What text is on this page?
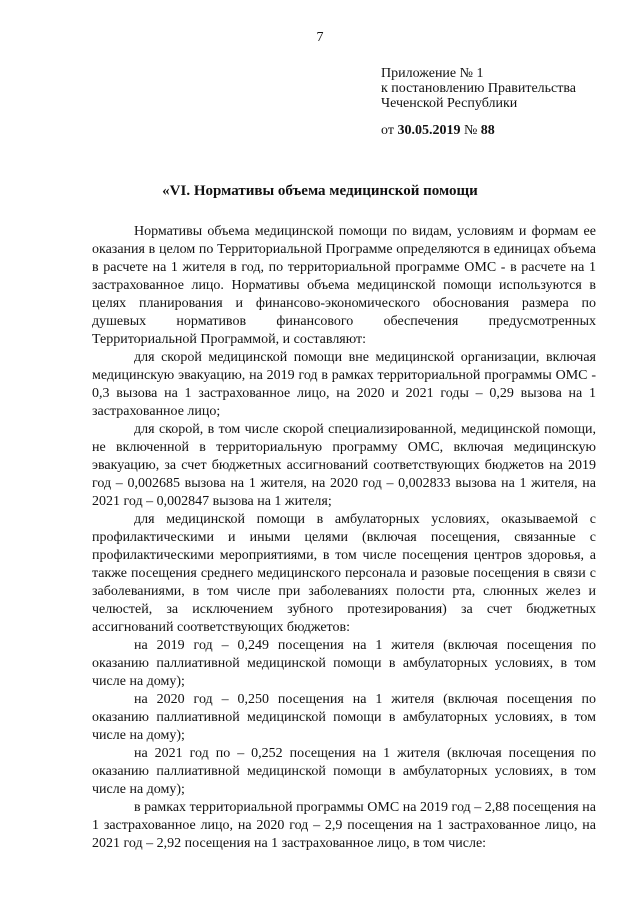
7
Приложение № 1
к постановлению Правительства
Чеченской Республики
от 30.05.2019 № 88
«VI. Нормативы объема медицинской помощи

Нормативы объема медицинской помощи по видам, условиям и формам ее оказания в целом по Территориальной Программе определяются в единицах объема в расчете на 1 жителя в год, по территориальной программе ОМС - в расчете на 1 застрахованное лицо. Нормативы объема медицинской помощи используются в целях планирования и финансово-экономического обоснования размера по душевых нормативов финансового обеспечения предусмотренных Территориальной Программой, и составляют:

для скорой медицинской помощи вне медицинской организации, включая медицинскую эвакуацию, на 2019 год в рамках территориальной программы ОМС - 0,3 вызова на 1 застрахованное лицо, на 2020 и 2021 годы – 0,29 вызова на 1 застрахованное лицо;

для скорой, в том числе скорой специализированной, медицинской помощи, не включенной в территориальную программу ОМС, включая медицинскую эвакуацию, за счет бюджетных ассигнований соответствующих бюджетов на 2019 год – 0,002685 вызова на 1 жителя, на 2020 год – 0,002833 вызова на 1 жителя, на 2021 год – 0,002847 вызова на 1 жителя;

для медицинской помощи в амбулаторных условиях, оказываемой с профилактическими и иными целями (включая посещения, связанные с профилактическими мероприятиями, в том числе посещения центров здоровья, а также посещения среднего медицинского персонала и разовые посещения в связи с заболеваниями, в том числе при заболеваниях полости рта, слюнных желез и челюстей, за исключением зубного протезирования) за счет бюджетных ассигнований соответствующих бюджетов:

на 2019 год – 0,249 посещения на 1 жителя (включая посещения по оказанию паллиативной медицинской помощи в амбулаторных условиях, в том числе на дому);

на 2020 год – 0,250 посещения на 1 жителя (включая посещения по оказанию паллиативной медицинской помощи в амбулаторных условиях, в том числе на дому);

на 2021 год по – 0,252 посещения на 1 жителя (включая посещения по оказанию паллиативной медицинской помощи в амбулаторных условиях, в том числе на дому);

в рамках территориальной программы ОМС на 2019 год – 2,88 посещения на 1 застрахованное лицо, на 2020 год – 2,9 посещения на 1 застрахованное лицо, на 2021 год – 2,92 посещения на 1 застрахованное лицо, в том числе:
